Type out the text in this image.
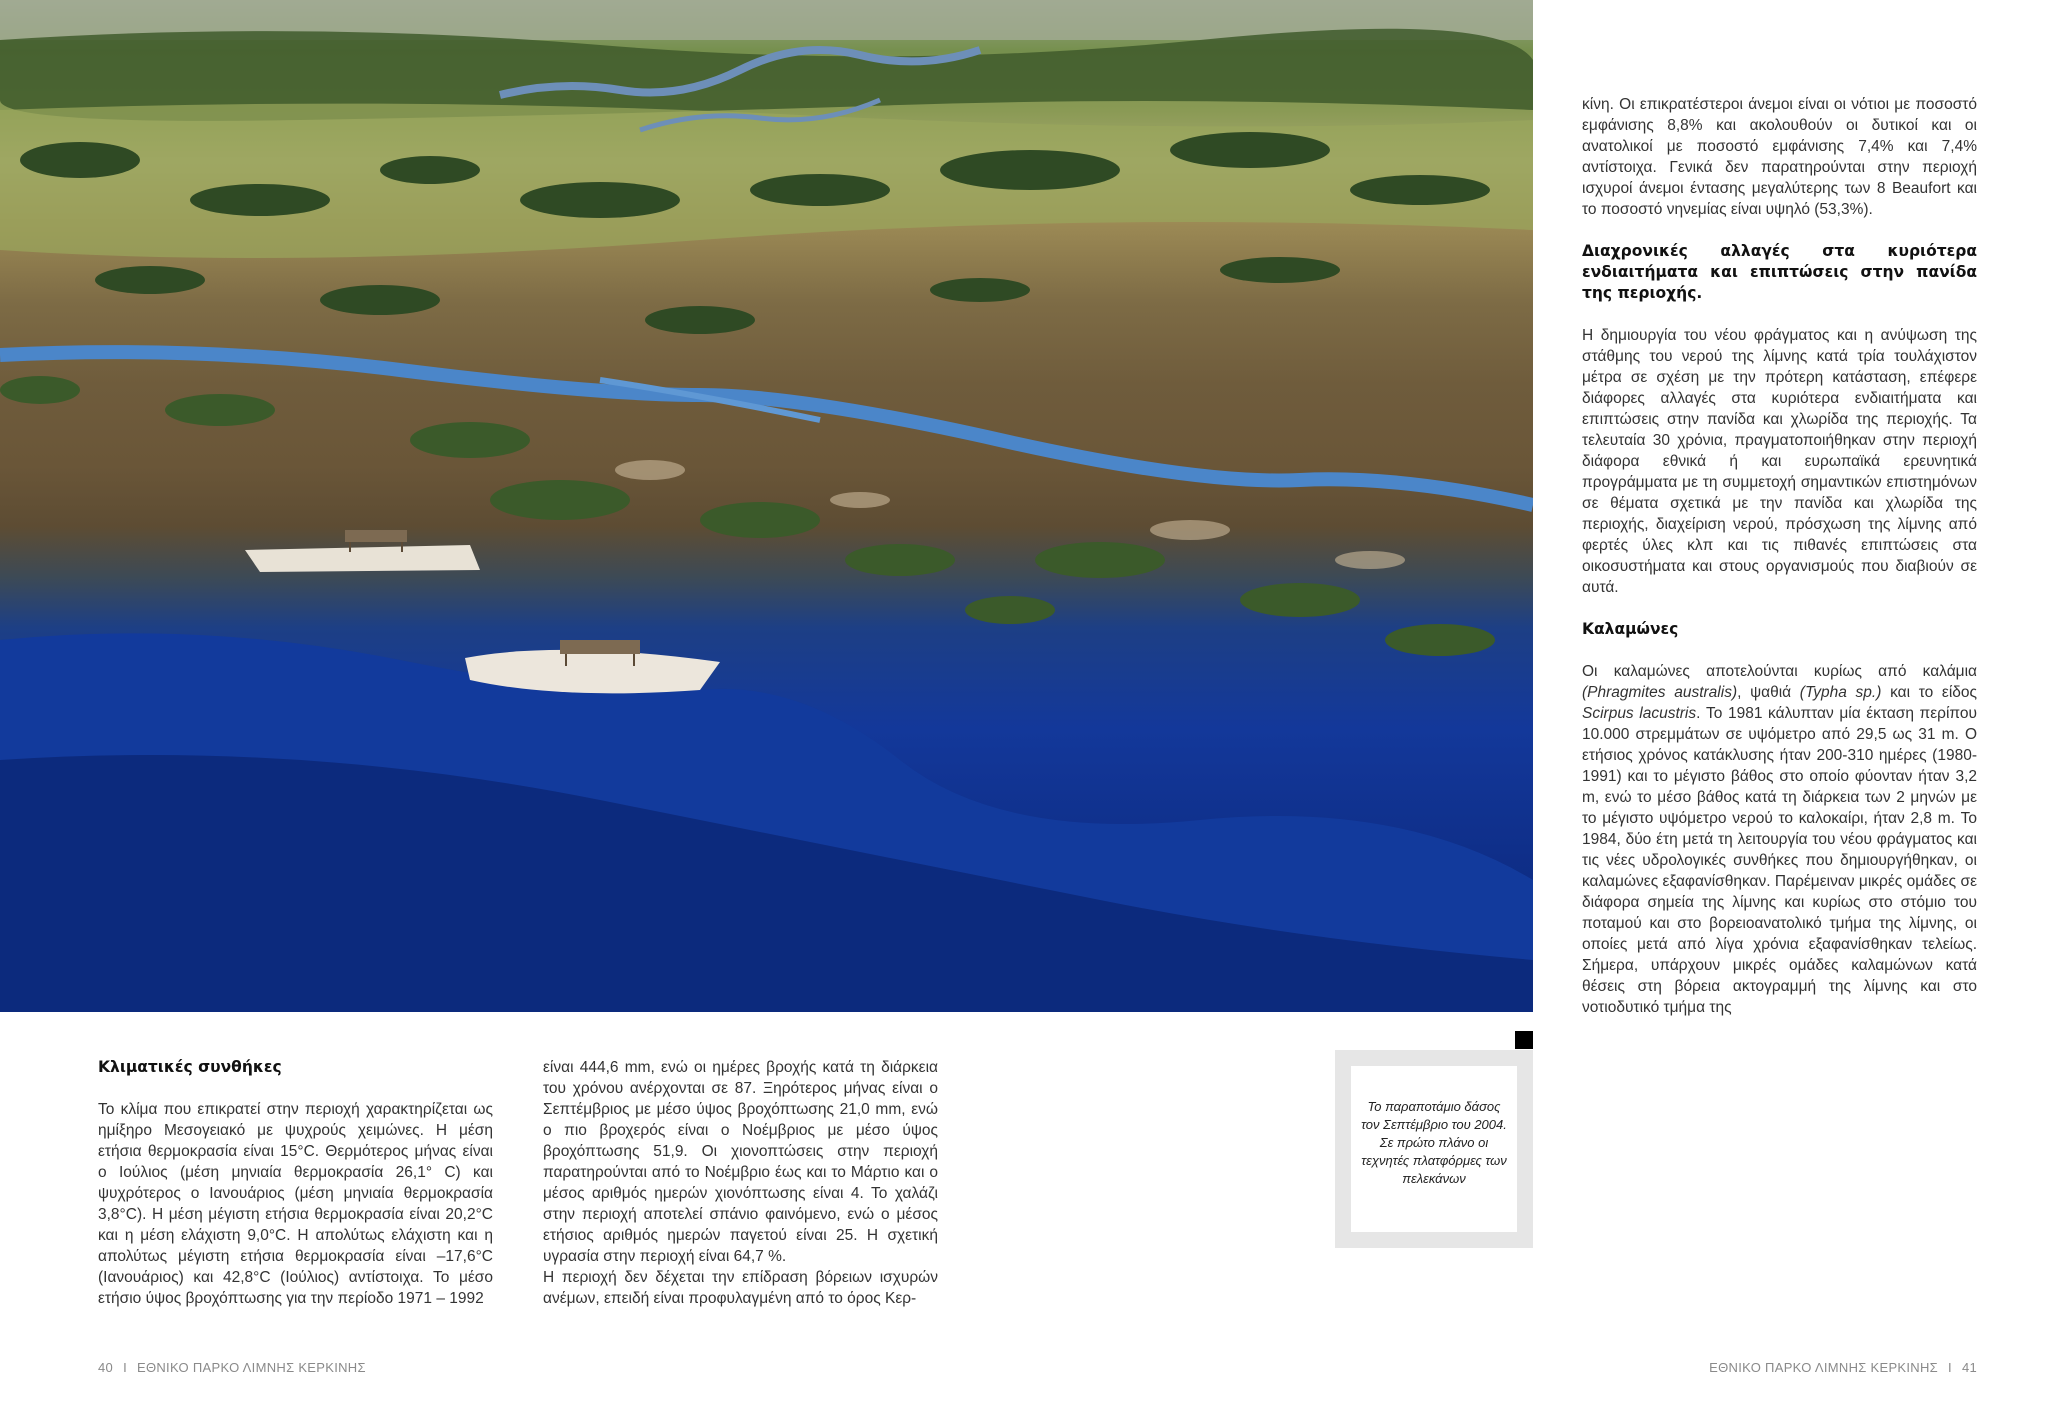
κίνη. Οι επικρατέστεροι άνεμοι είναι οι νότιοι με ποσοστό εμφάνισης 8,8% και ακολουθούν οι δυτικοί και οι ανατολικοί με ποσοστό εμφάνισης 7,4% και 7,4% αντίστοιχα. Γενικά δεν παρατηρούνται στην περιοχή ισχυροί άνεμοι έντασης μεγαλύτερης των 8 Beaufort και το ποσοστό νηνεμίας είναι υψηλό (53,3%).

Διαχρονικές αλλαγές στα κυριότερα ενδιαιτήματα και επιπτώσεις στην πανίδα της περιοχής.

Η δημιουργία του νέου φράγματος και η ανύψωση της στάθμης του νερού της λίμνης κατά τρία τουλάχιστον μέτρα σε σχέση με την πρότερη κατάσταση, επέφερε διάφορες αλλαγές στα κυριότερα ενδιαιτήματα και επιπτώσεις στην πανίδα και χλωρίδα της περιοχής. Τα τελευταία 30 χρόνια, πραγματοποιήθηκαν στην περιοχή διάφορα εθνικά ή και ευρωπαϊκά ερευνητικά προγράμματα με τη συμμετοχή σημαντικών επιστημόνων σε θέματα σχετικά με την πανίδα και χλωρίδα της περιοχής, διαχείριση νερού, πρόσχωση της λίμνης από φερτές ύλες κλπ και τις πιθανές επιπτώσεις στα οικοσυστήματα και στους οργανισμούς που διαβιούν σε αυτά.

Καλαμώνες

Οι καλαμώνες αποτελούνται κυρίως από καλάμια (Phragmites australis), ψαθιά (Typha sp.) και το είδος Scirpus lacustris. Το 1981 κάλυπταν μία έκταση περίπου 10.000 στρεμμάτων σε υψόμετρο από 29,5 ως 31 m. Ο ετήσιος χρόνος κατάκλυσης ήταν 200-310 ημέρες (1980-1991) και το μέγιστο βάθος στο οποίο φύονταν ήταν 3,2 m, ενώ το μέσο βάθος κατά τη διάρκεια των 2 μηνών με το μέγιστο υψόμετρο νερού το καλοκαίρι, ήταν 2,8 m. Το 1984, δύο έτη μετά τη λειτουργία του νέου φράγματος και τις νέες υδρολογικές συνθήκες που δημιουργήθηκαν, οι καλαμώνες εξαφανίσθηκαν. Παρέμειναν μικρές ομάδες σε διάφορα σημεία της λίμνης και κυρίως στο στόμιο του ποταμού και στο βορειοανατολικό τμήμα της λίμνης, οι οποίες μετά από λίγα χρόνια εξαφανίσθηκαν τελείως. Σήμερα, υπάρχουν μικρές ομάδες καλαμώνων κατά θέσεις στη βόρεια ακτογραμμή της λίμνης και στο νοτιοδυτικό τμήμα της

Κλιματικές συνθήκες

Το κλίμα που επικρατεί στην περιοχή χαρακτηρίζεται ως ημίξηρο Μεσογειακό με ψυχρούς χειμώνες. Η μέση ετήσια θερμοκρασία είναι 15°C. Θερμότερος μήνας είναι ο Ιούλιος (μέση μηνιαία θερμοκρασία 26,1° C) και ψυχρότερος ο Ιανουάριος (μέση μηνιαία θερμοκρασία 3,8°C). Η μέση μέγιστη ετήσια θερμοκρασία είναι 20,2°C και η μέση ελάχιστη 9,0°C. Η απολύτως ελάχιστη και η απολύτως μέγιστη ετήσια θερμοκρασία είναι –17,6°C (Ιανουάριος) και 42,8°C (Ιούλιος) αντίστοιχα. Το μέσο ετήσιο ύψος βροχόπτωσης για την περίοδο 1971 – 1992

είναι 444,6 mm, ενώ οι ημέρες βροχής κατά τη διάρκεια του χρόνου ανέρχονται σε 87. Ξηρότερος μήνας είναι ο Σεπτέμβριος με μέσο ύψος βροχόπτωσης 21,0 mm, ενώ ο πιο βροχερός είναι ο Νοέμβριος με μέσο ύψος βροχόπτωσης 51,9. Οι χιονοπτώσεις στην περιοχή παρατηρούνται από το Νοέμβριο έως και το Μάρτιο και ο μέσος αριθμός ημερών χιονόπτωσης είναι 4. Το χαλάζι στην περιοχή αποτελεί σπάνιο φαινόμενο, ενώ ο μέσος ετήσιος αριθμός ημερών παγετού είναι 25. Η σχετική υγρασία στην περιοχή είναι 64,7 %.

Η περιοχή δεν δέχεται την επίδραση βόρειων ισχυρών ανέμων, επειδή είναι προφυλαγμένη από το όρος Κερ-

Το παραποτάμιο δάσος τον Σεπτέμβριο του 2004. Σε πρώτο πλάνο οι τεχνητές πλατφόρμες των πελεκάνων
40 I ΕΘΝΙΚΟ ΠΑΡΚΟ ΛΙΜΝΗΣ ΚΕΡΚΙΝΗΣ	ΕΘΝΙΚΟ ΠΑΡΚΟ ΛΙΜΝΗΣ ΚΕΡΚΙΝΗΣ I 41
